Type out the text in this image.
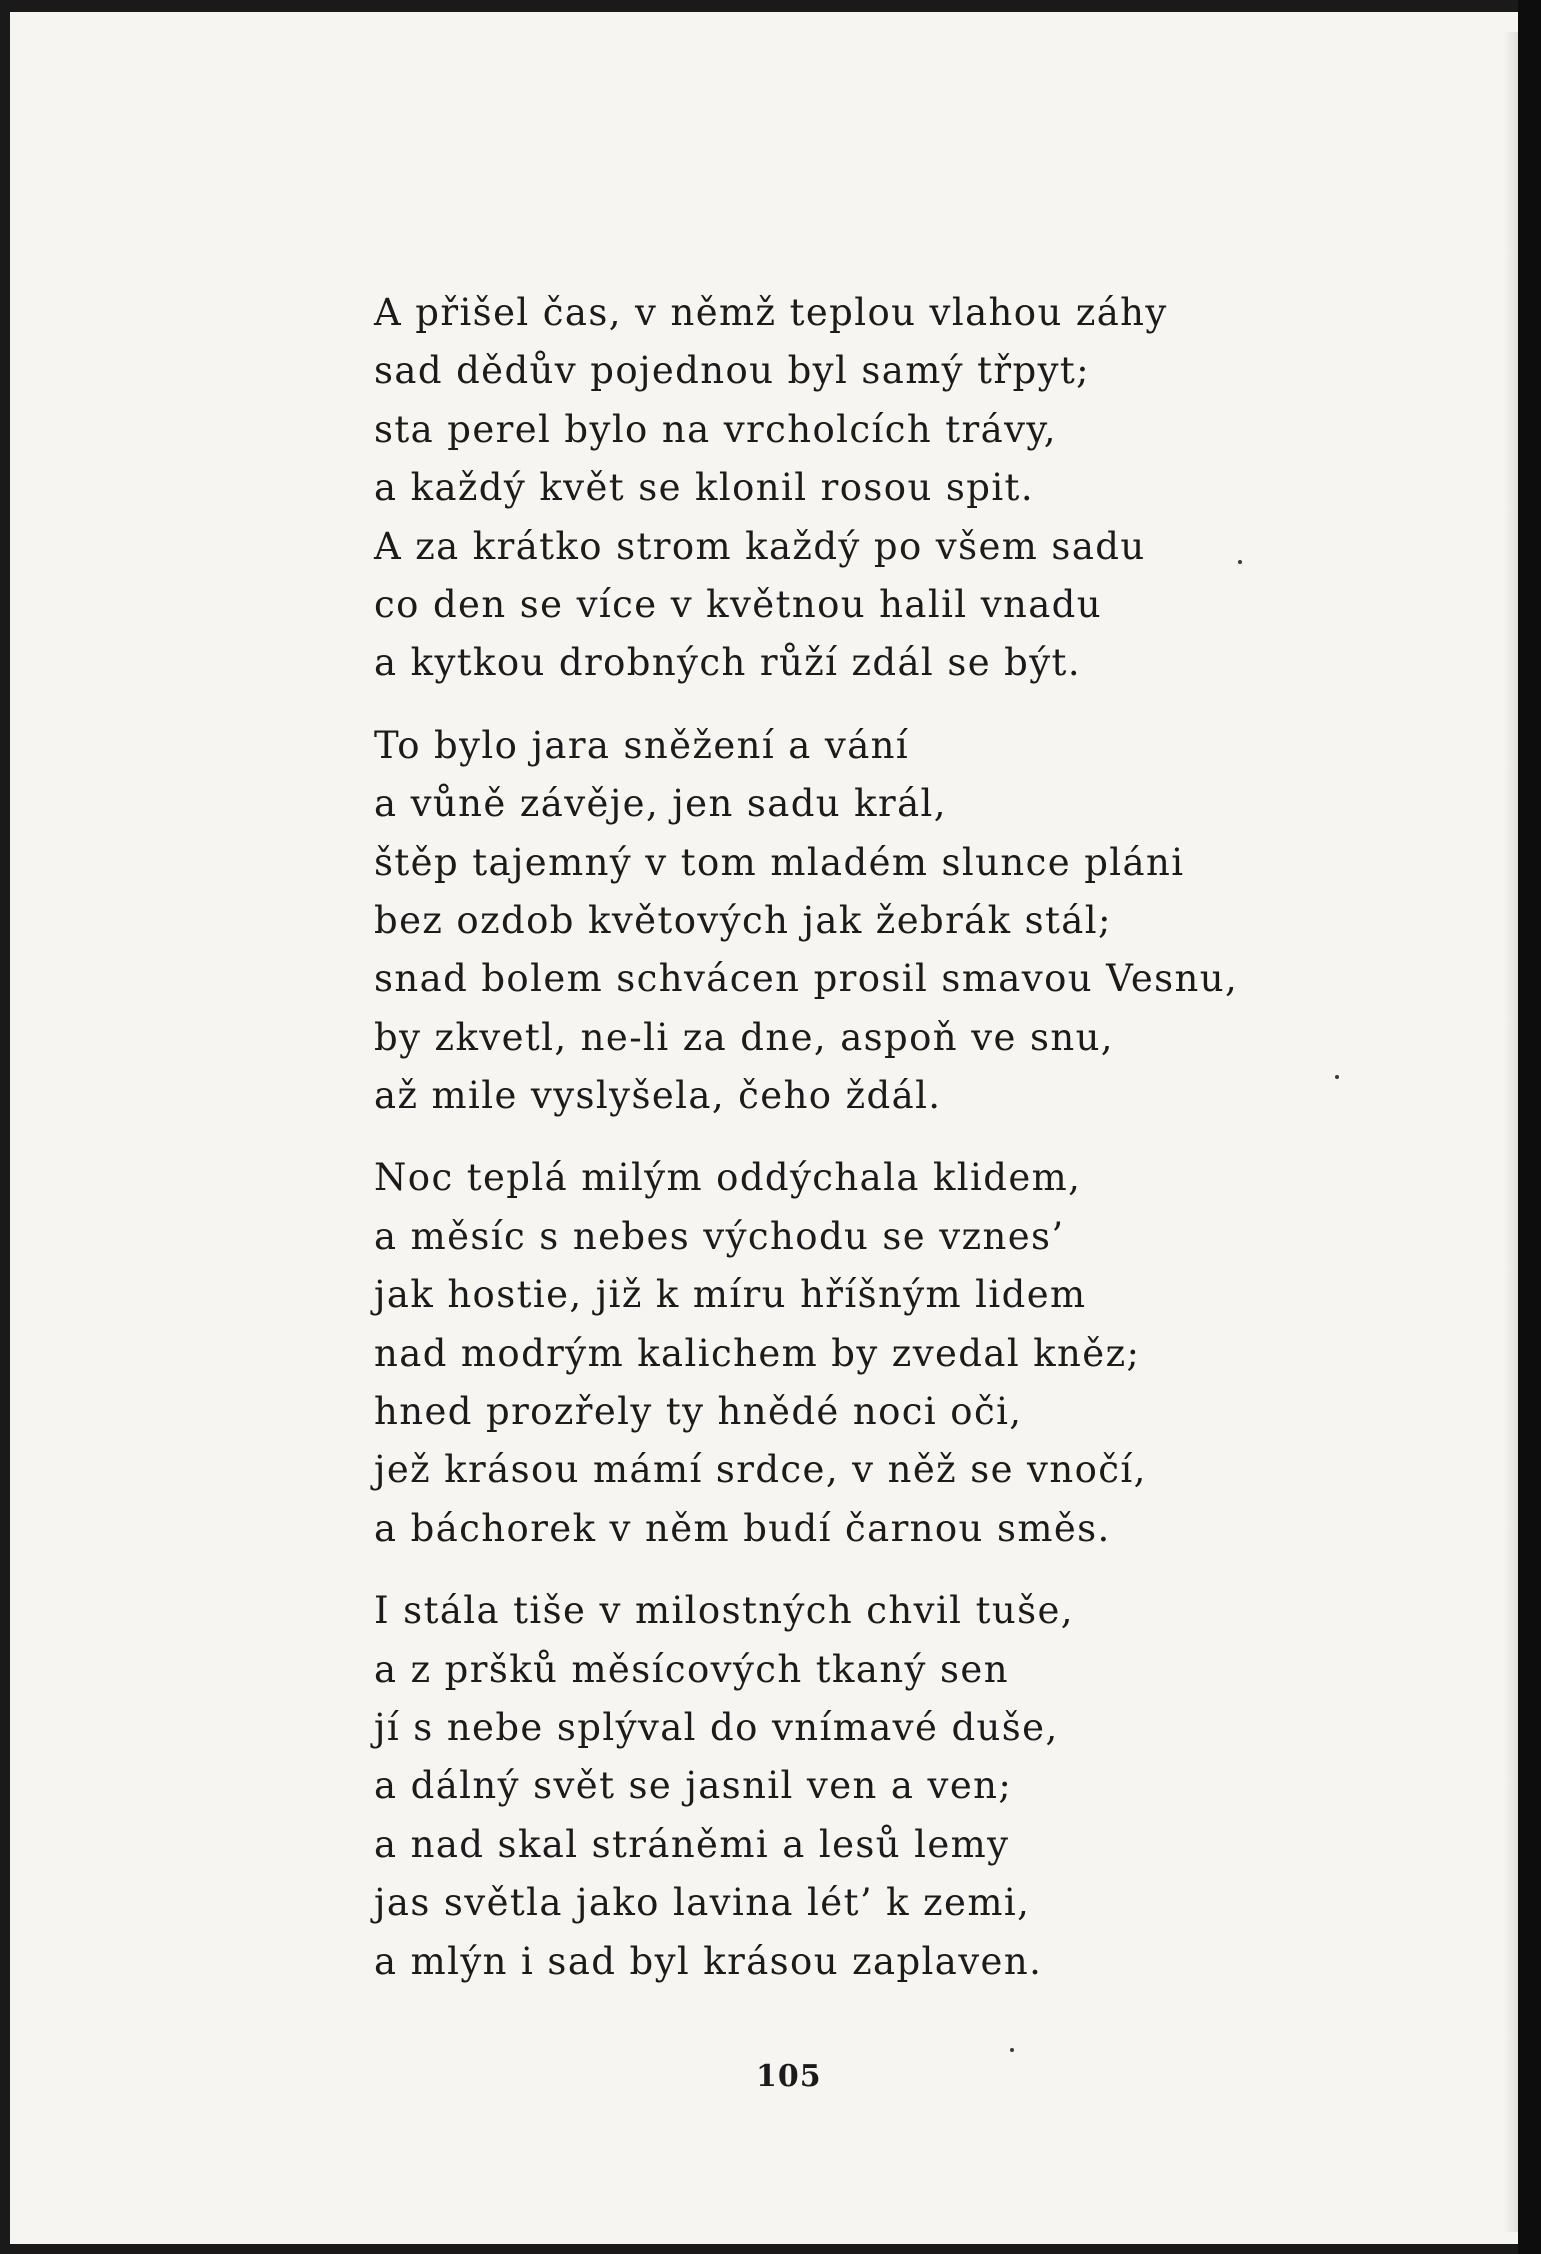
A přišel čas, v němž teplou vlahou záhy
sad dědův pojednou byl samý třpyt;
sta perel bylo na vrcholcích trávy,
a každý květ se klonil rosou spit.
A za krátko strom každý po všem sadu
co den se více v květnou halil vnadu
a kytkou drobných růží zdál se být.
To bylo jara sněžení a vání
a vůně závěje, jen sadu král,
štěp tajemný v tom mladém slunce pláni
bez ozdob květových jak žebrák stál;
snad bolem schvácen prosil smavou Vesnu,
by zkvetl, ne-li za dne, aspoň ve snu,
až mile vyslyšela, čeho ždál.
Noc teplá milým oddýchala klidem,
a měsíc s nebes východu se vznes’
jak hostie, již k míru hříšným lidem
nad modrým kalichem by zvedal kněz;
hned prozřely ty hnědé noci oči,
jež krásou mámí srdce, v něž se vnočí,
a báchorek v něm budí čarnou směs.
I stála tiše v milostných chvil tuše,
a z pršků měsícových tkaný sen
jí s nebe splýval do vnímavé duše,
a dálný svět se jasnil ven a ven;
a nad skal stráněmi a lesů lemy
jas světla jako lavina lét’ k zemi,
a mlýn i sad byl krásou zaplaven.
105
